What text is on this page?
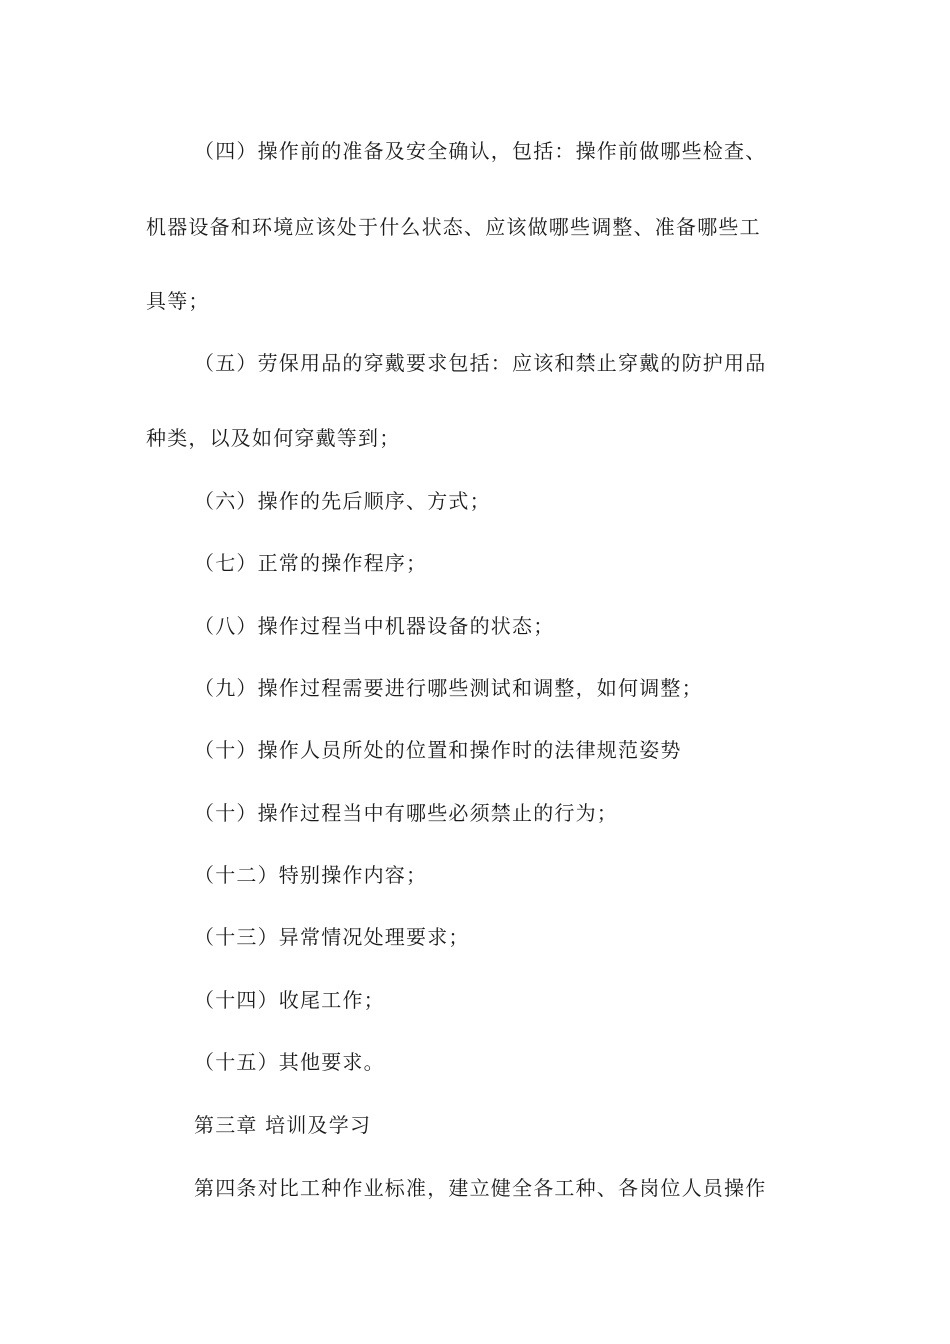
（四）操作前的准备及安全确认，包括：操作前做哪些检查、
机器设备和环境应该处于什么状态、应该做哪些调整、准备哪些工
具等；
（五）劳保用品的穿戴要求包括：应该和禁止穿戴的防护用品
种类，以及如何穿戴等到；
（六）操作的先后顺序、方式；
（七）正常的操作程序；
（八）操作过程当中机器设备的状态；
（九）操作过程需要进行哪些测试和调整，如何调整；
（十）操作人员所处的位置和操作时的法律规范姿势
（十）操作过程当中有哪些必须禁止的行为；
（十二）特别操作内容；
（十三）异常情况处理要求；
（十四）收尾工作；
（十五）其他要求。
第三章 培训及学习
第四条对比工种作业标准，建立健全各工种、各岗位人员操作
